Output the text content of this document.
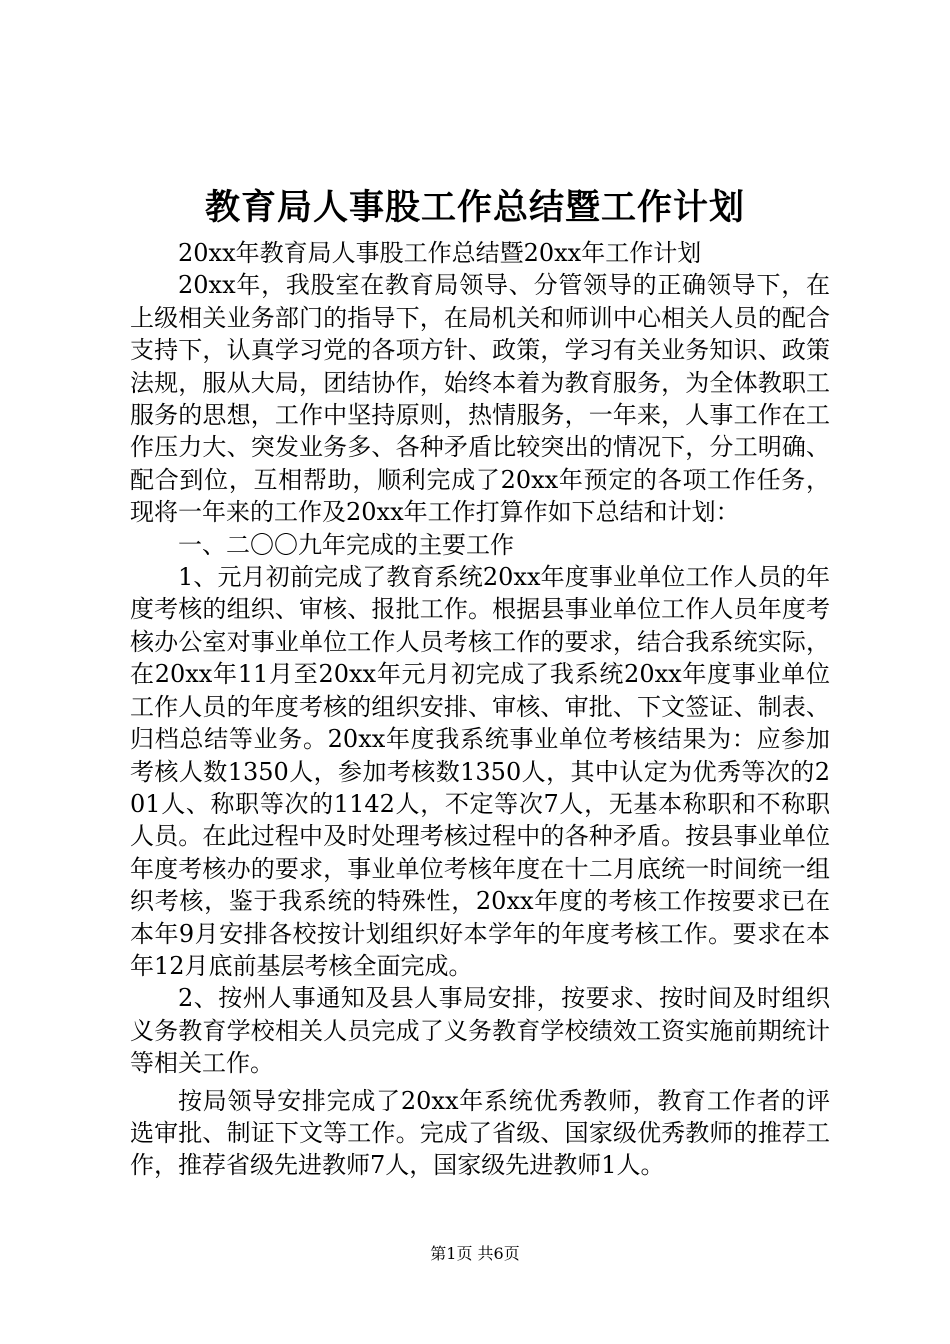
教育局人事股工作总结暨工作计划

20xx年教育局人事股工作总结暨20xx年工作计划

20xx年，我股室在教育局领导、分管领导的正确领导下，在上级相关业务部门的指导下，在局机关和师训中心相关人员的配合支持下，认真学习党的各项方针、政策，学习有关业务知识、政策法规，服从大局，团结协作，始终本着为教育服务，为全体教职工服务的思想，工作中坚持原则，热情服务，一年来，人事工作在工作压力大、突发业务多、各种矛盾比较突出的情况下，分工明确、配合到位，互相帮助，顺利完成了20xx年预定的各项工作任务，现将一年来的工作及20xx年工作打算作如下总结和计划：

一、二〇〇九年完成的主要工作

1、元月初前完成了教育系统20xx年度事业单位工作人员的年度考核的组织、审核、报批工作。根据县事业单位工作人员年度考核办公室对事业单位工作人员考核工作的要求，结合我系统实际，在20xx年11月至20xx年元月初完成了我系统20xx年度事业单位工作人员的年度考核的组织安排、审核、审批、下文签证、制表、归档总结等业务。20xx年度我系统事业单位考核结果为：应参加考核人数1350人，参加考核数1350人，其中认定为优秀等次的201人、称职等次的1142人，不定等次7人，无基本称职和不称职人员。在此过程中及时处理考核过程中的各种矛盾。按县事业单位年度考核办的要求，事业单位考核年度在十二月底统一时间统一组织考核，鉴于我系统的特殊性，20xx年度的考核工作按要求已在本年9月安排各校按计划组织好本学年的年度考核工作。要求在本年12月底前基层考核全面完成。

2、按州人事通知及县人事局安排，按要求、按时间及时组织义务教育学校相关人员完成了义务教育学校绩效工资实施前期统计等相关工作。

按局领导安排完成了20xx年系统优秀教师，教育工作者的评选审批、制证下文等工作。完成了省级、国家级优秀教师的推荐工作，推荐省级先进教师7人，国家级先进教师1人。

第1页 共6页
